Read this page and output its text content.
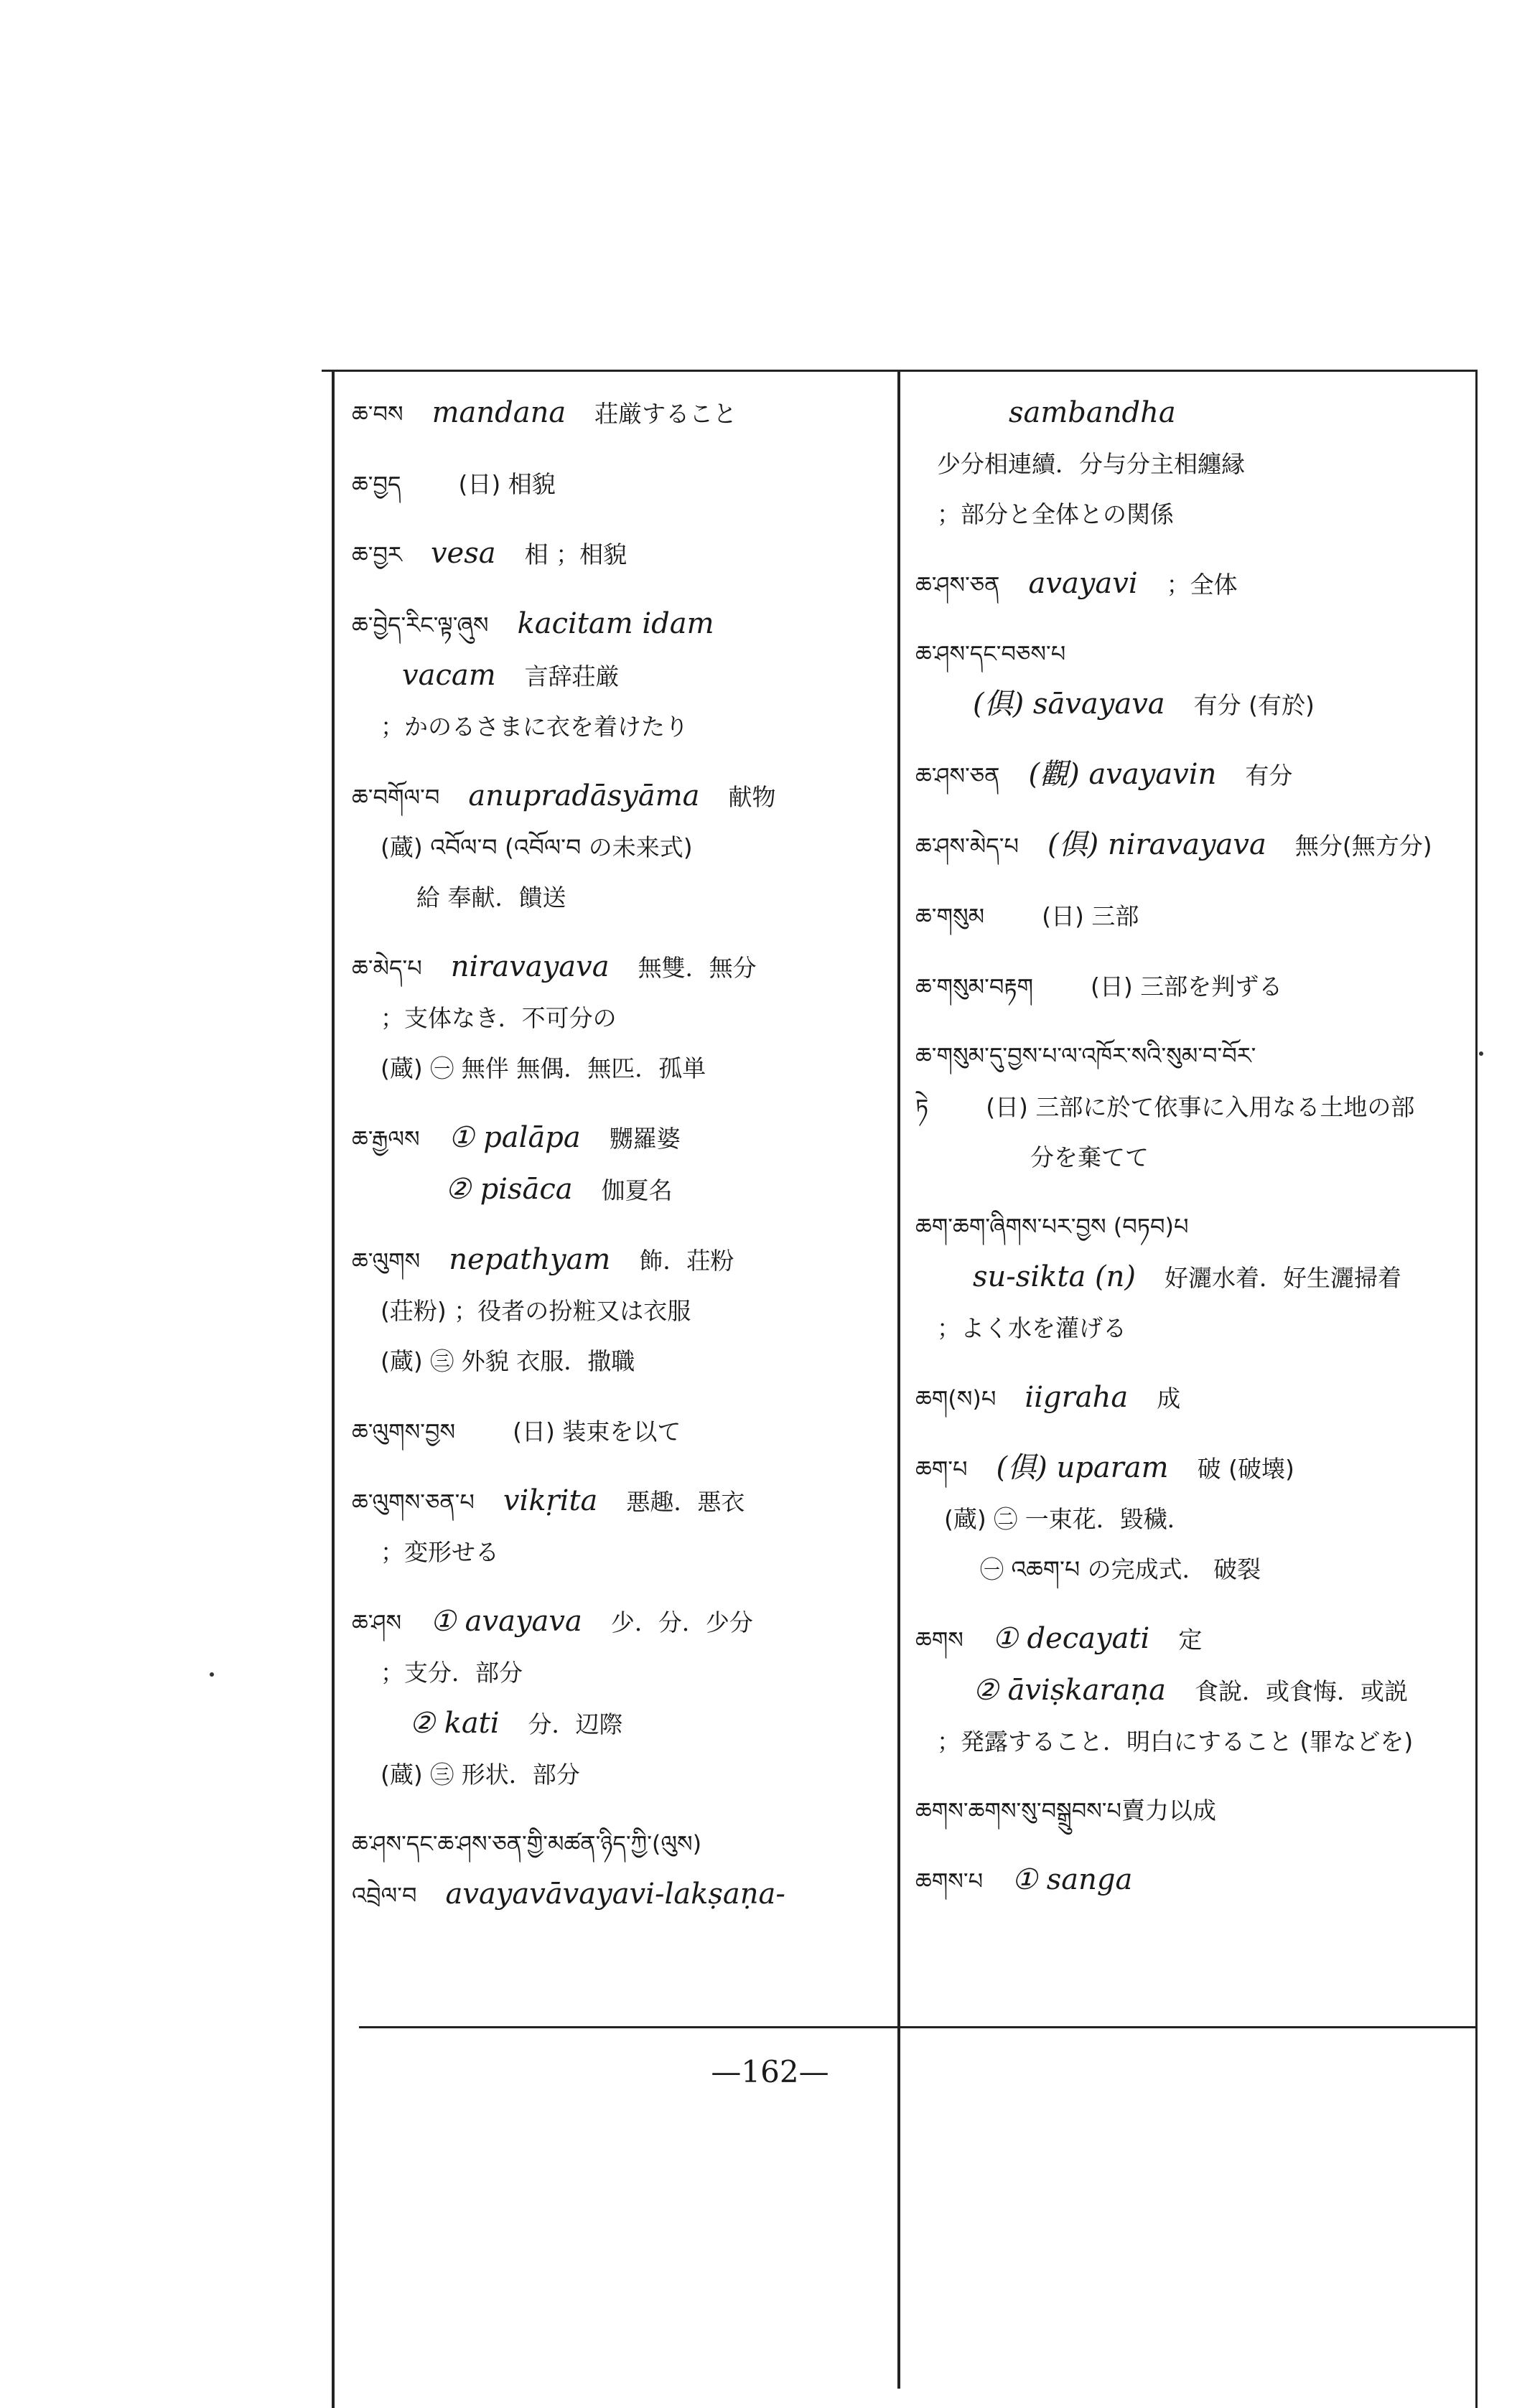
ཆ་བས mandana 荘厳すること
ཆ་བྱད (日) 相貌
ཆ་བྱར vesa 相 ；相貌
ཆ་བྱེད་རིང་ལྟ་ཞུས kacitam idam
vacam 言辞荘厳
；かのるさまに衣を着けたり
ཆ་བགོལ་བ anupradāsyāma 献物
(蔵) འབོལ་བ (འབོལ་བ の未来式)
給 奉献．饋送
ཆ་མེད་པ niravayava 無雙．無分
；支体なき．不可分の
(蔵) ㊀ 無伴 無偶．無匹．孤単
ཆ་རྒྱལས ① palāpa 嬲羅婆
② pisāca 伽夏名
ཆ་ལུགས nepathyam 飾．荘粉
(荘粉) ；役者の扮粧又は衣服
(蔵) ㊂ 外貌 衣服．撒職
ཆ་ལུགས་བྱས (日) 装束を以て
ཆ་ལུགས་ཅན་པ vikṛita 悪趣．悪衣
；変形せる
ཆ་ཤས ① avayava 少．分．少分
；支分．部分
② kati 分．辺際
(蔵) ㊂ 形状．部分
ཆ་ཤས་དང་ཆ་ཤས་ཅན་གྱི་མཚན་ཉིད་ཀྱི་(ལུས)
འབྲེལ་བ avayavāvayavi-lakṣaṇa-
sambandha
少分相連續．分与分主相纏縁
；部分と全体との関係
ཆ་ཤས་ཅན avayavi ；全体
ཆ་ཤས་དང་བཅས་པ
(俱) sāvayava 有分 (有於)
ཆ་ཤས་ཅན (觀) avayavin 有分
ཆ་ཤས་མེད་པ (俱) niravayava 無分(無方分)
ཆ་གསུམ (日) 三部
ཆ་གསུམ་བརྟག (日) 三部を判ずる
ཆ་གསུམ་དུ་བྱས་པ་ལ་འཁོར་སའི་སུམ་བ་བོར་
ཏེ (日) 三部に於て依事に入用なる土地の部
分を棄てて
ཆག་ཆག་ཞིགས་པར་བྱས (བཏབ)པ
su-sikta (n) 好灑水着．好生灑掃着
；よく水を灌げる
ཆག(ས)པ iigraha 成
ཆག་པ (俱) uparam 破 (破壊)
(蔵) ㊁ 一束花．毀穢．
㊀ འཆག་པ の完成式． 破裂
ཆགས ① decayati 定
② āviṣkaraṇa 食說．或食悔．或説
；発露すること．明白にすること (罪などを)
ཆགས་ཆགས་སུ་བསྒྲུབས་པ賣力以成
ཆགས་པ ① sanga
—162—
